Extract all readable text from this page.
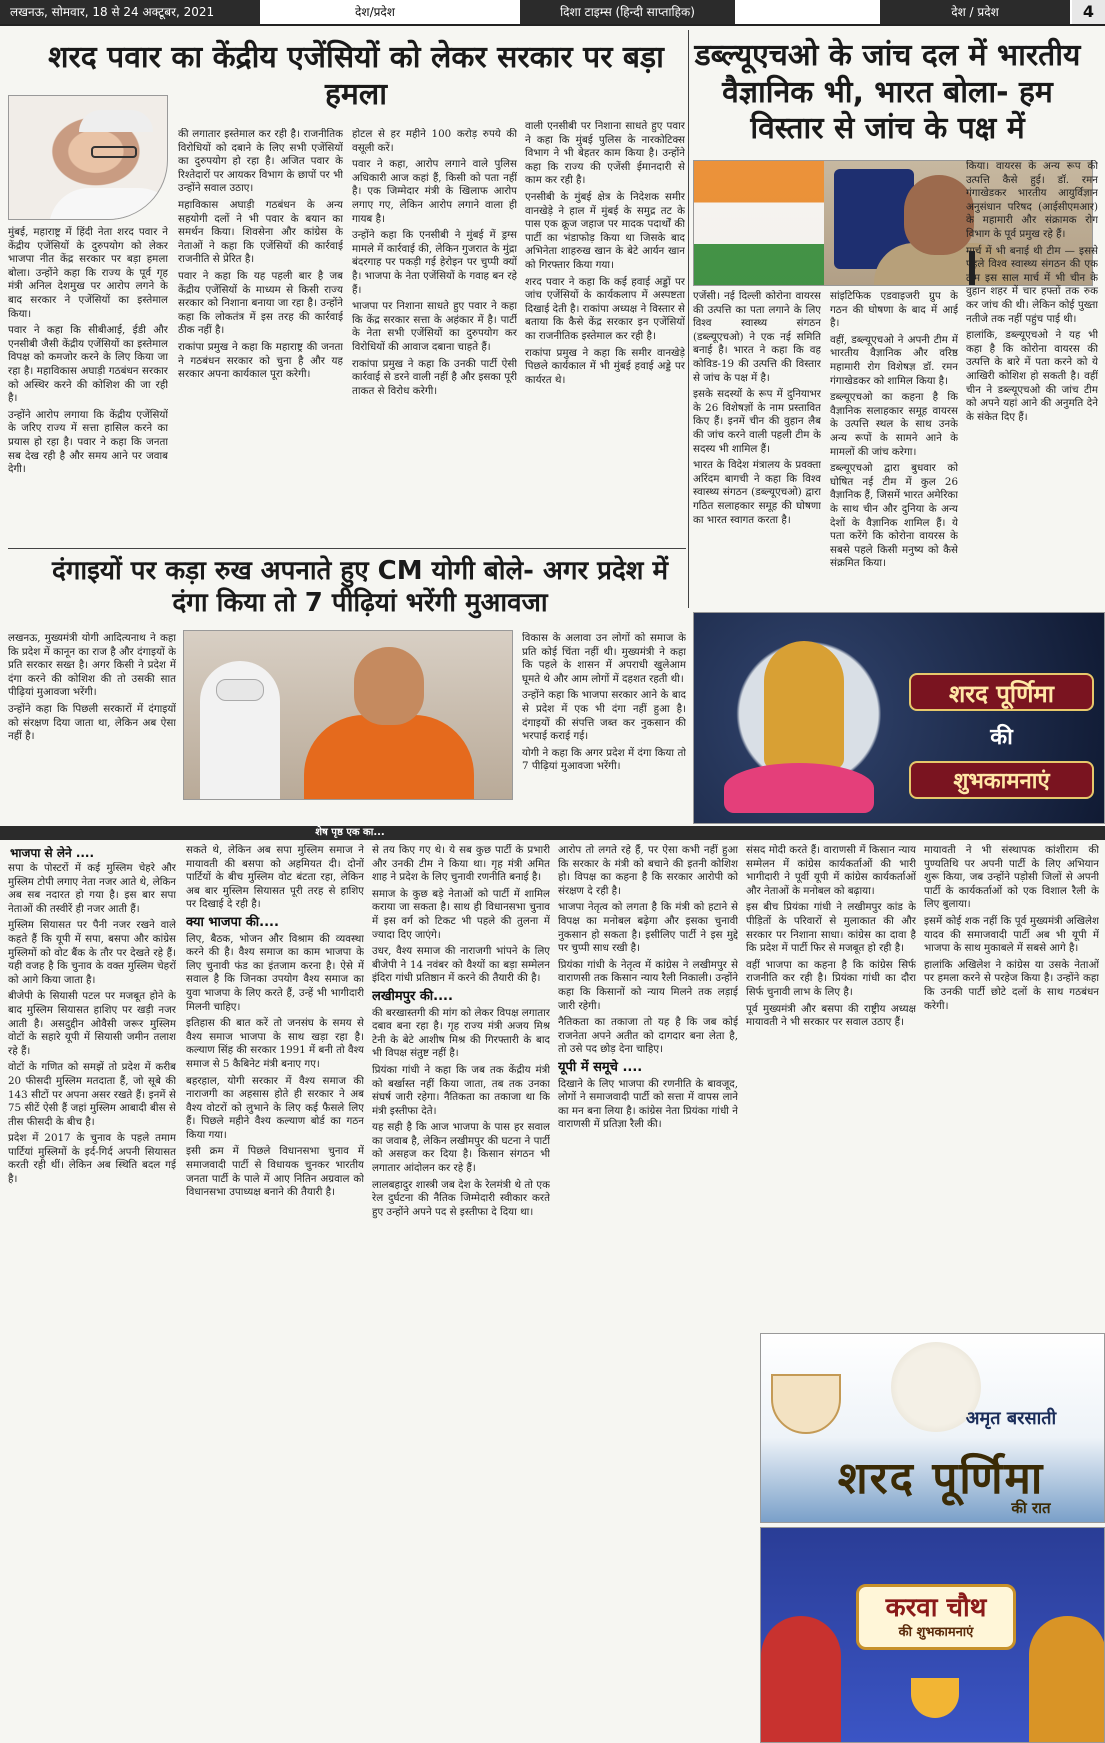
लखनऊ, सोमवार, 18 से 24 अक्टूबर, 2021	देश/प्रदेश	दिशा टाइम्स (हिन्दी साप्ताहिक)	देश / प्रदेश	4
शरद पवार का केंद्रीय एजेंसियों को लेकर सरकार पर बड़ा हमला

मुंबई, महाराष्ट्र में हिंदी नेता शरद पवार ने केंद्रीय एजेंसियों के दुरुपयोग को लेकर भाजपा नीत केंद्र सरकार पर बड़ा हमला बोला। उन्होंने कहा कि राज्य के पूर्व गृह मंत्री अनिल देशमुख पर आरोप लगने के बाद सरकार ने एजेंसियों का इस्तेमाल किया।

पवार ने कहा कि सीबीआई, ईडी और एनसीबी जैसी केंद्रीय एजेंसियों का इस्तेमाल विपक्ष को कमजोर करने के लिए किया जा रहा है। महाविकास अघाड़ी गठबंधन सरकार को अस्थिर करने की कोशिश की जा रही है।

उन्होंने आरोप लगाया कि केंद्रीय एजेंसियों के जरिए राज्य में सत्ता हासिल करने का प्रयास हो रहा है। पवार ने कहा कि जनता सब देख रही है और समय आने पर जवाब देगी।

की लगातार इस्तेमाल कर रही है। राजनीतिक विरोधियों को दबाने के लिए सभी एजेंसियों का दुरुपयोग हो रहा है। अजित पवार के रिश्तेदारों पर आयकर विभाग के छापों पर भी उन्होंने सवाल उठाए।

महाविकास अघाड़ी गठबंधन के अन्य सहयोगी दलों ने भी पवार के बयान का समर्थन किया। शिवसेना और कांग्रेस के नेताओं ने कहा कि एजेंसियों की कार्रवाई राजनीति से प्रेरित है।

पवार ने कहा कि यह पहली बार है जब केंद्रीय एजेंसियों के माध्यम से किसी राज्य सरकार को निशाना बनाया जा रहा है। उन्होंने कहा कि लोकतंत्र में इस तरह की कार्रवाई ठीक नहीं है।

राकांपा प्रमुख ने कहा कि महाराष्ट्र की जनता ने गठबंधन सरकार को चुना है और यह सरकार अपना कार्यकाल पूरा करेगी।

होटल से हर महीने 100 करोड़ रुपये की वसूली करें।

पवार ने कहा, आरोप लगाने वाले पुलिस अधिकारी आज कहां हैं, किसी को पता नहीं है। एक जिम्मेदार मंत्री के खिलाफ आरोप लगाए गए, लेकिन आरोप लगाने वाला ही गायब है।

उन्होंने कहा कि एनसीबी ने मुंबई में ड्रग्स मामले में कार्रवाई की, लेकिन गुजरात के मुंद्रा बंदरगाह पर पकड़ी गई हेरोइन पर चुप्पी क्यों है। भाजपा के नेता एजेंसियों के गवाह बन रहे हैं।

भाजपा पर निशाना साधते हुए पवार ने कहा कि केंद्र सरकार सत्ता के अहंकार में है। पार्टी के नेता सभी एजेंसियों का दुरुपयोग कर विरोधियों की आवाज दबाना चाहते हैं।

राकांपा प्रमुख ने कहा कि उनकी पार्टी ऐसी कार्रवाई से डरने वाली नहीं है और इसका पूरी ताकत से विरोध करेगी।

वाली एनसीबी पर निशाना साधते हुए पवार ने कहा कि मुंबई पुलिस के नारकोटिक्स विभाग ने भी बेहतर काम किया है। उन्होंने कहा कि राज्य की एजेंसी ईमानदारी से काम कर रही है।

एनसीबी के मुंबई क्षेत्र के निदेशक समीर वानखेड़े ने हाल में मुंबई के समुद्र तट के पास एक क्रूज जहाज पर मादक पदार्थों की पार्टी का भंडाफोड़ किया था जिसके बाद अभिनेता शाहरुख खान के बेटे आर्यन खान को गिरफ्तार किया गया।

शरद पवार ने कहा कि कई हवाई अड्डों पर जांच एजेंसियों के कार्यकलाप में अस्पष्टता दिखाई देती है। राकांपा अध्यक्ष ने विस्तार से बताया कि कैसे केंद्र सरकार इन एजेंसियों का राजनीतिक इस्तेमाल कर रही है।

राकांपा प्रमुख ने कहा कि समीर वानखेड़े पिछले कार्यकाल में भी मुंबई हवाई अड्डे पर कार्यरत थे।

डब्ल्यूएचओ के जांच दल में भारतीय वैज्ञानिक भी, भारत बोला- हम विस्तार से जांच के पक्ष में

एजेंसी। नई दिल्ली कोरोना वायरस की उत्पत्ति का पता लगाने के लिए विश्व स्वास्थ्य संगठन (डब्ल्यूएचओ) ने एक नई समिति बनाई है। भारत ने कहा कि वह कोविड-19 की उत्पत्ति की विस्तार से जांच के पक्ष में है।

इसके सदस्यों के रूप में दुनियाभर के 26 विशेषज्ञों के नाम प्रस्तावित किए हैं। इनमें चीन की वुहान लैब की जांच करने वाली पहली टीम के सदस्य भी शामिल हैं।

भारत के विदेश मंत्रालय के प्रवक्ता अरिंदम बागची ने कहा कि विश्व स्वास्थ्य संगठन (डब्ल्यूएचओ) द्वारा गठित सलाहकार समूह की घोषणा का भारत स्वागत करता है।

सांइटिफिक एडवाइजरी ग्रुप के गठन की घोषणा के बाद में आई है।

वहीं, डब्ल्यूएचओ ने अपनी टीम में भारतीय वैज्ञानिक और वरिष्ठ महामारी रोग विशेषज्ञ डॉ. रमन गंगाखेडकर को शामिल किया है।

डब्ल्यूएचओ का कहना है कि वैज्ञानिक सलाहकार समूह वायरस के उत्पत्ति स्थल के साथ उनके अन्य रूपों के सामने आने के मामलों की जांच करेगा।

डब्ल्यूएचओ द्वारा बुधवार को घोषित नई टीम में कुल 26 वैज्ञानिक हैं, जिसमें भारत अमेरिका के साथ चीन और दुनिया के अन्य देशों के वैज्ञानिक शामिल हैं। ये पता करेंगे कि कोरोना वायरस के सबसे पहले किसी मनुष्य को कैसे संक्रमित किया।

किया। वायरस के अन्य रूप की उत्पत्ति कैसे हुई। डॉ. रमन गंगाखेडकर भारतीय आयुर्विज्ञान अनुसंधान परिषद (आईसीएमआर) के महामारी और संक्रामक रोग विभाग के पूर्व प्रमुख रहे हैं।

मार्च में भी बनाई थी टीम — इससे पहले विश्व स्वास्थ्य संगठन की एक टीम इस साल मार्च में भी चीन के वुहान शहर में चार हफ्तों तक रुक कर जांच की थी। लेकिन कोई पुख्ता नतीजे तक नहीं पहुंच पाई थी।

हालांकि, डब्ल्यूएचओ ने यह भी कहा है कि कोरोना वायरस की उत्पत्ति के बारे में पता करने को ये आखिरी कोशिश हो सकती है। वहीं चीन ने डब्ल्यूएचओ की जांच टीम को अपने यहां आने की अनुमति देने के संकेत दिए हैं।

दंगाइयों पर कड़ा रुख अपनाते हुए CM योगी बोले- अगर प्रदेश में दंगा किया तो 7 पीढ़ियां भरेंगी मुआवजा

लखनऊ, मुख्यमंत्री योगी आदित्यनाथ ने कहा कि प्रदेश में कानून का राज है और दंगाइयों के प्रति सरकार सख्त है। अगर किसी ने प्रदेश में दंगा करने की कोशिश की तो उसकी सात पीढ़ियां मुआवजा भरेंगी।

उन्होंने कहा कि पिछली सरकारों में दंगाइयों को संरक्षण दिया जाता था, लेकिन अब ऐसा नहीं है।

विकास के अलावा उन लोगों को समाज के प्रति कोई चिंता नहीं थी। मुख्यमंत्री ने कहा कि पहले के शासन में अपराधी खुलेआम घूमते थे और आम लोगों में दहशत रहती थी।

उन्होंने कहा कि भाजपा सरकार आने के बाद से प्रदेश में एक भी दंगा नहीं हुआ है। दंगाइयों की संपत्ति जब्त कर नुकसान की भरपाई कराई गई।

योगी ने कहा कि अगर प्रदेश में दंगा किया तो 7 पीढ़ियां मुआवजा भरेंगी।

शरद पूर्णिमा
की
शुभकामनाएं
शेष पृष्ठ एक का...
भाजपा से लेने ....

सपा के पोस्टरों में कई मुस्लिम चेहरे और मुस्लिम टोपी लगाए नेता नजर आते थे, लेकिन अब सब नदारत हो गया है। इस बार सपा नेताओं की तस्वीरें ही नजर आती हैं।

मुस्लिम सियासत पर पैनी नजर रखने वाले कहते हैं कि यूपी में सपा, बसपा और कांग्रेस मुस्लिमों को वोट बैंक के तौर पर देखते रहे हैं। यही वजह है कि चुनाव के वक्त मुस्लिम चेहरों को आगे किया जाता है।

बीजेपी के सियासी पटल पर मजबूत होने के बाद मुस्लिम सियासत हाशिए पर खड़ी नजर आती है। असदुद्दीन ओवैसी जरूर मुस्लिम वोटों के सहारे यूपी में सियासी जमीन तलाश रहे हैं।

वोटों के गणित को समझें तो प्रदेश में करीब 20 फीसदी मुस्लिम मतदाता हैं, जो सूबे की 143 सीटों पर अपना असर रखते हैं। इनमें से 75 सीटें ऐसी हैं जहां मुस्लिम आबादी बीस से तीस फीसदी के बीच है।

प्रदेश में 2017 के चुनाव के पहले तमाम पार्टियां मुस्लिमों के इर्द-गिर्द अपनी सियासत करती रही थीं। लेकिन अब स्थिति बदल गई है।

सकते थे, लेकिन अब सपा मुस्लिम समाज ने मायावती की बसपा को अहमियत दी। दोनों पार्टियों के बीच मुस्लिम वोट बंटता रहा, लेकिन अब बार मुस्लिम सियासत पूरी तरह से हाशिए पर दिखाई दे रही है।

क्या भाजपा की....

लिए, बैठक, भोजन और विश्राम की व्यवस्था करने की है। वैश्य समाज का काम भाजपा के लिए चुनावी फंड का इंतजाम करना है। ऐसे में सवाल है कि जिनका उपयोग वैश्य समाज का युवा भाजपा के लिए करते हैं, उन्हें भी भागीदारी मिलनी चाहिए।

इतिहास की बात करें तो जनसंघ के समय से वैश्य समाज भाजपा के साथ खड़ा रहा है। कल्याण सिंह की सरकार 1991 में बनी तो वैश्य समाज से 5 कैबिनेट मंत्री बनाए गए।

बहरहाल, योगी सरकार में वैश्य समाज की नाराजगी का अहसास होते ही सरकार ने अब वैश्य वोटरों को लुभाने के लिए कई फैसले लिए हैं। पिछले महीने वैश्य कल्याण बोर्ड का गठन किया गया।

इसी क्रम में पिछले विधानसभा चुनाव में समाजवादी पार्टी से विधायक चुनकर भारतीय जनता पार्टी के पाले में आए नितिन अग्रवाल को विधानसभा उपाध्यक्ष बनाने की तैयारी है।

से तय किए गए थे। ये सब कुछ पार्टी के प्रभारी और उनकी टीम ने किया था। गृह मंत्री अमित शाह ने प्रदेश के लिए चुनावी रणनीति बनाई है।

समाज के कुछ बड़े नेताओं को पार्टी में शामिल कराया जा सकता है। साथ ही विधानसभा चुनाव में इस वर्ग को टिकट भी पहले की तुलना में ज्यादा दिए जाएंगे।

उधर, वैश्य समाज की नाराजगी भांपने के लिए बीजेपी ने 14 नवंबर को वैश्यों का बड़ा सम्मेलन इंदिरा गांधी प्रतिष्ठान में करने की तैयारी की है।

लखीमपुर की....

की बरखास्तगी की मांग को लेकर विपक्ष लगातार दबाव बना रहा है। गृह राज्य मंत्री अजय मिश्र टेनी के बेटे आशीष मिश्र की गिरफ्तारी के बाद भी विपक्ष संतुष्ट नहीं है।

प्रियंका गांधी ने कहा कि जब तक केंद्रीय मंत्री को बर्खास्त नहीं किया जाता, तब तक उनका संघर्ष जारी रहेगा। नैतिकता का तकाजा था कि मंत्री इस्तीफा देते।

यह सही है कि आज भाजपा के पास हर सवाल का जवाब है, लेकिन लखीमपुर की घटना ने पार्टी को असहज कर दिया है। किसान संगठन भी लगातार आंदोलन कर रहे हैं।

लालबहादुर शास्त्री जब देश के रेलमंत्री थे तो एक रेल दुर्घटना की नैतिक जिम्मेदारी स्वीकार करते हुए उन्होंने अपने पद से इस्तीफा दे दिया था।

आरोप तो लगते रहे हैं, पर ऐसा कभी नहीं हुआ कि सरकार के मंत्री को बचाने की इतनी कोशिश हो। विपक्ष का कहना है कि सरकार आरोपी को संरक्षण दे रही है।

भाजपा नेतृत्व को लगता है कि मंत्री को हटाने से विपक्ष का मनोबल बढ़ेगा और इसका चुनावी नुकसान हो सकता है। इसीलिए पार्टी ने इस मुद्दे पर चुप्पी साध रखी है।

प्रियंका गांधी के नेतृत्व में कांग्रेस ने लखीमपुर से वाराणसी तक किसान न्याय रैली निकाली। उन्होंने कहा कि किसानों को न्याय मिलने तक लड़ाई जारी रहेगी।

नैतिकता का तकाजा तो यह है कि जब कोई राजनेता अपने अतीत को दागदार बना लेता है, तो उसे पद छोड़ देना चाहिए।

यूपी में समूचे ....

दिखाने के लिए भाजपा की रणनीति के बावजूद, लोगों ने समाजवादी पार्टी को सत्ता में वापस लाने का मन बना लिया है। कांग्रेस नेता प्रियंका गांधी ने वाराणसी में प्रतिज्ञा रैली की।

संसद मोदी करते हैं। वाराणसी में किसान न्याय सम्मेलन में कांग्रेस कार्यकर्ताओं की भारी भागीदारी ने पूर्वी यूपी में कांग्रेस कार्यकर्ताओं और नेताओं के मनोबल को बढ़ाया।

इस बीच प्रियंका गांधी ने लखीमपुर कांड के पीड़ितों के परिवारों से मुलाकात की और सरकार पर निशाना साधा। कांग्रेस का दावा है कि प्रदेश में पार्टी फिर से मजबूत हो रही है।

वहीं भाजपा का कहना है कि कांग्रेस सिर्फ राजनीति कर रही है। प्रियंका गांधी का दौरा सिर्फ चुनावी लाभ के लिए है।

पूर्व मुख्यमंत्री और बसपा की राष्ट्रीय अध्यक्ष मायावती ने भी सरकार पर सवाल उठाए हैं।

मायावती ने भी संस्थापक कांशीराम की पुण्यतिथि पर अपनी पार्टी के लिए अभियान शुरू किया, जब उन्होंने पड़ोसी जिलों से अपनी पार्टी के कार्यकर्ताओं को एक विशाल रैली के लिए बुलाया।

इसमें कोई शक नहीं कि पूर्व मुख्यमंत्री अखिलेश यादव की समाजवादी पार्टी अब भी यूपी में भाजपा के साथ मुकाबले में सबसे आगे है।

हालांकि अखिलेश ने कांग्रेस या उसके नेताओं पर हमला करने से परहेज किया है। उन्होंने कहा कि उनकी पार्टी छोटे दलों के साथ गठबंधन करेगी।

अमृत बरसाती
शरद पूर्णिमा
की रात
करवा चौथ
की शुभकामनाएं
